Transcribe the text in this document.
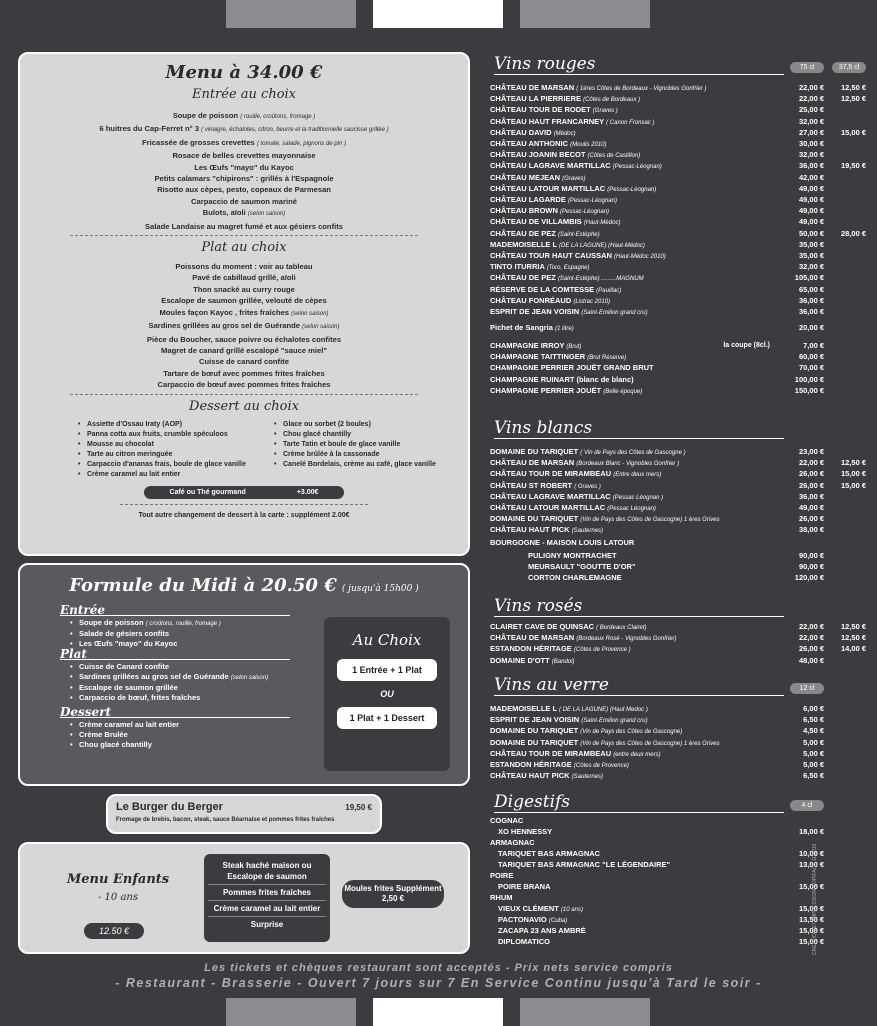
Menu à 34.00 €
Entrée au choix
Soupe de poisson ( rouille, croûtons, fromage )
6 huitres du Cap-Ferret n° 3 ( vinaigre, échalotes, citron, beurre et la traditionnelle saucisse grillée )
Fricassée de grosses crevettes ( tomate, salade, pignons de pin )
Rosace de belles crevettes mayonnaise
Les Œufs "mayo" du Kayoc
Petits calamars "chipirons" : grillés à l'Espagnole
Risotto aux cèpes, pesto, copeaux de Parmesan
Carpaccio de saumon mariné
Bulots, aïoli (selon saison)
Salade Landaise au magret fumé et aux gésiers confits
Plat au choix
Poissons du moment : voir au tableau
Pavé de cabillaud grillé, aïoli
Thon snacké au curry rouge
Escalope de saumon grillée, velouté de cèpes
Moules façon Kayoc , frites fraîches (selon saison)
Sardines grillées au gros sel de Guérande (selon saison)
Pièce du Boucher, sauce poivre ou échalotes confites
Magret de canard grillé escalopé "sauce miel"
Cuisse de canard confite
Tartare de bœuf avec pommes frites fraîches
Carpaccio de bœuf avec pommes frites fraîches
Dessert au choix
• Assiette d'Ossau Iraty (AOP)
• Panna cotta aux fruits, crumble spéculoos
• Mousse au chocolat
• Tarte au citron meringuée
• Carpaccio d'ananas frais, boule de glace vanille
• Crème caramel au lait entier
• Glace ou sorbet (2 boules)
• Chou glacé chantilly
• Tarte Tatin et boule de glace vanille
• Crème brûlée à la cassonade
• Canelé Bordelais, crème au café, glace vanille
Café ou Thé gourmand	+3.00€
Tout autre changement de dessert à la carte : supplément 2.00€
Formule du Midi à 20.50 € ( jusqu'à 15h00 )
Entrée
• Soupe de poisson ( croûtons, rouille, fromage )
• Salade de gésiers confits
• Les Œufs "mayo" du Kayoc
Plat
• Cuisse de Canard confite
• Sardines grillées au gros sel de Guérande (selon saison)
• Escalope de saumon grillée
• Carpaccio de bœuf, frites fraîches
Dessert
• Crème caramel au lait entier
• Crème Brulée
• Chou glacé chantilly
Au Choix
1 Entrée + 1 Plat
OU
1 Plat + 1 Dessert
Le Burger du Berger	19,50 €
Fromage de brebis, bacon, steak, sauce Béarnaise et pommes frites fraîches
Menu Enfants
- 10 ans
12.50 €
Steak haché maison ou Escalope de saumon
Pommes frites fraîches
Crème caramel au lait entier
Surprise
Moules frites Supplément 2,50 €
Vins rouges	75 cl	37,5 cl
CHÂTEAU DE MARSAN ( 1ères Côtes de Bordeaux - Vignobles Gonfrier )	22,00 €	12,50 €
CHÂTEAU LA PIERRIERE (Côtes de Bordeaux )	22,00 €	12,50 €
CHÂTEAU TOUR DE RODET (Graves )	25,00 €
CHÂTEAU HAUT FRANCARNEY ( Canon Fronsac )	32,00 €
CHÂTEAU DAVID (Médoc)	27,00 €	15,00 €
CHÂTEAU ANTHONIC (Moulis 2010)	30,00 €
CHÂTEAU JOANIN BECOT (Côtes de Castillon)	32,00 €
CHÂTEAU LAGRAVE MARTILLAC (Pessac-Léognan)	36,00 €	19,50 €
CHÂTEAU MEJEAN (Graves)	42,00 €
CHÂTEAU LATOUR MARTILLAC (Pessac-Léognan)	49,00 €
CHÂTEAU LAGARDE (Pessac-Léognan)	49,00 €
CHÂTEAU BROWN (Pessac-Léognan)	49,00 €
CHÂTEAU DE VILLAMBIS (Haut-Médoc)	49,00 €
CHÂTEAU DE PEZ (Saint-Estèphe)	50,00 €	28,00 €
MADEMOISELLE L (DE LA LAGUNE) (Haut-Médoc)	35,00 €
CHÂTEAU TOUR HAUT CAUSSAN (Haut-Médoc 2010)	35,00 €
TINTO ITURRIA (Toro, Espagne)	32,00 €
CHÂTEAU DE PEZ (Saint-Estèphe) .........MAGNUM	105,00 €
RÉSERVE DE LA COMTESSE (Pauillac)	65,00 €
CHÂTEAU FONRÉAUD (Listrac 2010)	36,00 €
ESPRIT DE JEAN VOISIN (Saint-Emilion grand cru)	36,00 €
Pichet de Sangria (1 litre)	20,00 €
CHAMPAGNE IRROY (Brut)	la coupe (8cl.)	7,00 €
CHAMPAGNE TAITTINGER (Brut Réserve)	60,00 €
CHAMPAGNE PERRIER JOUËT GRAND BRUT	70,00 €
CHAMPAGNE RUINART (blanc de blanc)	100,00 €
CHAMPAGNE PERRIER JOUËT (Belle époque)	150,00 €
DOMAINE DU TARIQUET ( Vin de Pays des Côtes de Gascogne )	23,00 €
CHÂTEAU DE MARSAN (Bordeaux Blanc - Vignobles Gonfrier )	22,00 €	12,50 €
CHÂTEAU TOUR DE MIRAMBEAU (Entre deux mers)	26,00 €	15,00 €
CHÂTEAU ST ROBERT ( Graves )	26,00 €	15,00 €
CHÂTEAU LAGRAVE MARTILLAC (Pessac Léognan )	36,00 €
CHÂTEAU LATOUR MARTILLAC (Pessac Léognan)	49,00 €
DOMAINE DU TARIQUET (Vin de Pays des Côtes de Gascogne) 1 ères Grives	26,00 €
CHÂTEAU HAUT PICK (Sauternes)	38,00 €
BOURGOGNE - MAISON LOUIS LATOUR
PULIGNY MONTRACHET	90,00 €
MEURSAULT "GOUTTE D'OR"	90,00 €
CORTON CHARLEMAGNE	120,00 €
CLAIRET CAVE DE QUINSAC ( Bordeaux Clairet)	22,00 €	12,50 €
CHÂTEAU DE MARSAN (Bordeaux Rosé - Vignobles Gonfrier)	22,00 €	12,50 €
ESTANDON HÉRITAGE (Côtes de Provence )	26,00 €	14,00 €
DOMAINE D'OTT (Bandol)	48,00 €
MADEMOISELLE L ( DE LA LAGUNE) (Haut Medoc )	6,00 €
ESPRIT DE JEAN VOISIN (Saint-Emilion grand cru)	6,50 €
DOMAINE DU TARIQUET (Vin de Pays des Côtes de Gascogne)	4,50 €
DOMAINE DU TARIQUET (Vin de Pays des Côtes de Gascogne) 1 ères Grives	5,00 €
CHÂTEAU TOUR DE MIRAMBEAU (entre deux mers)	5,00 €
ESTANDON HÉRITAGE (Côtes de Provence)	5,00 €
CHÂTEAU HAUT PICK (Sauternes)	6,50 €
COGNAC
XO HENNESSY	18,00 €
ARMAGNAC
TARIQUET BAS ARMAGNAC	10,00 €
TARIQUET BAS ARMAGNAC "LE LÉGENDAIRE"	13,00 €
POIRE
POIRE BRANA	15,00 €
RHUM
VIEUX CLÉMENT (10 ans)	15,00 €
PACTONAVIO (Cuba)	13,50 €
ZACAPA 23 ANS AMBRÉ	15,00 €
DIPLOMATICO	15,00 €
Vins blancs
Vins rosés
Vins au verre	12 cl
Digestifs	4 cl
CRÉATION ET IMPRESSION COPIFAC - 11/2019
Les tickets et chèques restaurant sont acceptés - Prix nets service compris
- Restaurant - Brasserie - Ouvert 7 jours sur 7 En Service Continu jusqu'à Tard le soir -
